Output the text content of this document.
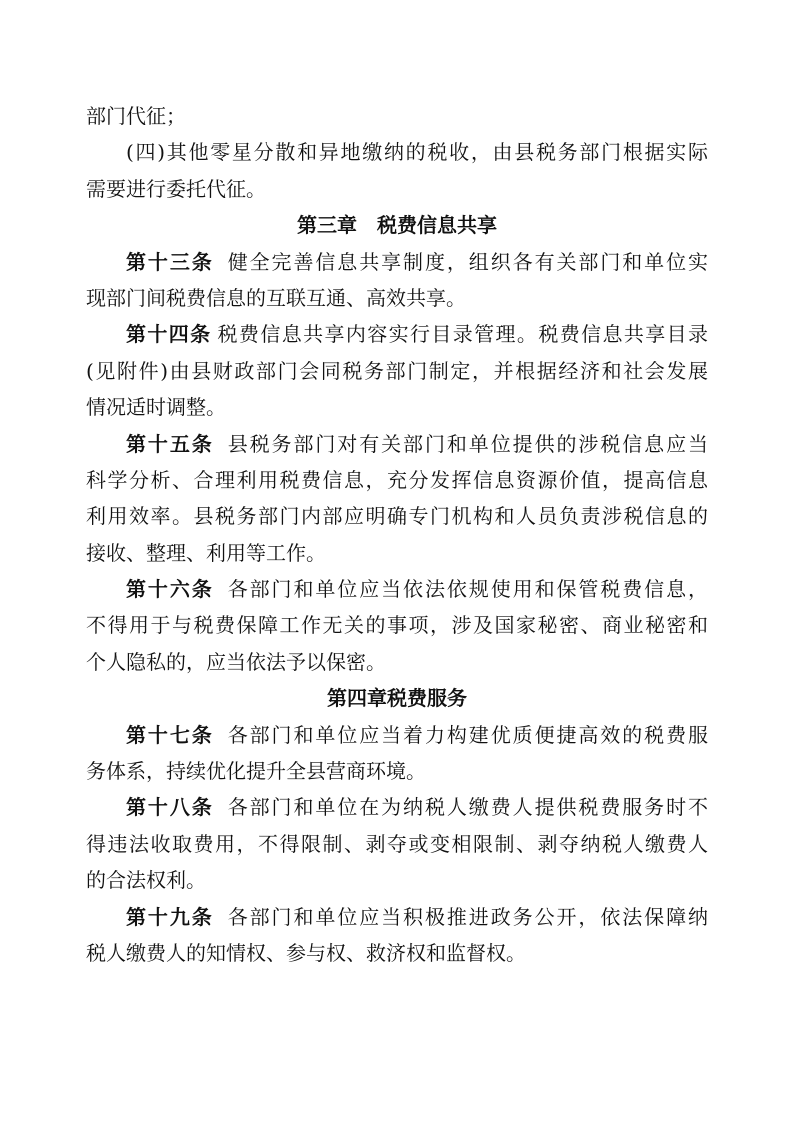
部门代征；
(四)其他零星分散和异地缴纳的税收，由县税务部门根据实际
需要进行委托代征。
第三章　税费信息共享
第十三条 健全完善信息共享制度，组织各有关部门和单位实
现部门间税费信息的互联互通、高效共享。
第十四条 税费信息共享内容实行目录管理。税费信息共享目录
(见附件)由县财政部门会同税务部门制定，并根据经济和社会发展
情况适时调整。
第十五条 县税务部门对有关部门和单位提供的涉税信息应当
科学分析、合理利用税费信息，充分发挥信息资源价值，提高信息
利用效率。县税务部门内部应明确专门机构和人员负责涉税信息的
接收、整理、利用等工作。
第十六条 各部门和单位应当依法依规使用和保管税费信息，
不得用于与税费保障工作无关的事项，涉及国家秘密、商业秘密和
个人隐私的，应当依法予以保密。
第四章税费服务
第十七条 各部门和单位应当着力构建优质便捷高效的税费服
务体系，持续优化提升全县营商环境。
第十八条 各部门和单位在为纳税人缴费人提供税费服务时不
得违法收取费用，不得限制、剥夺或变相限制、剥夺纳税人缴费人
的合法权利。
第十九条 各部门和单位应当积极推进政务公开，依法保障纳
税人缴费人的知情权、参与权、救济权和监督权。
